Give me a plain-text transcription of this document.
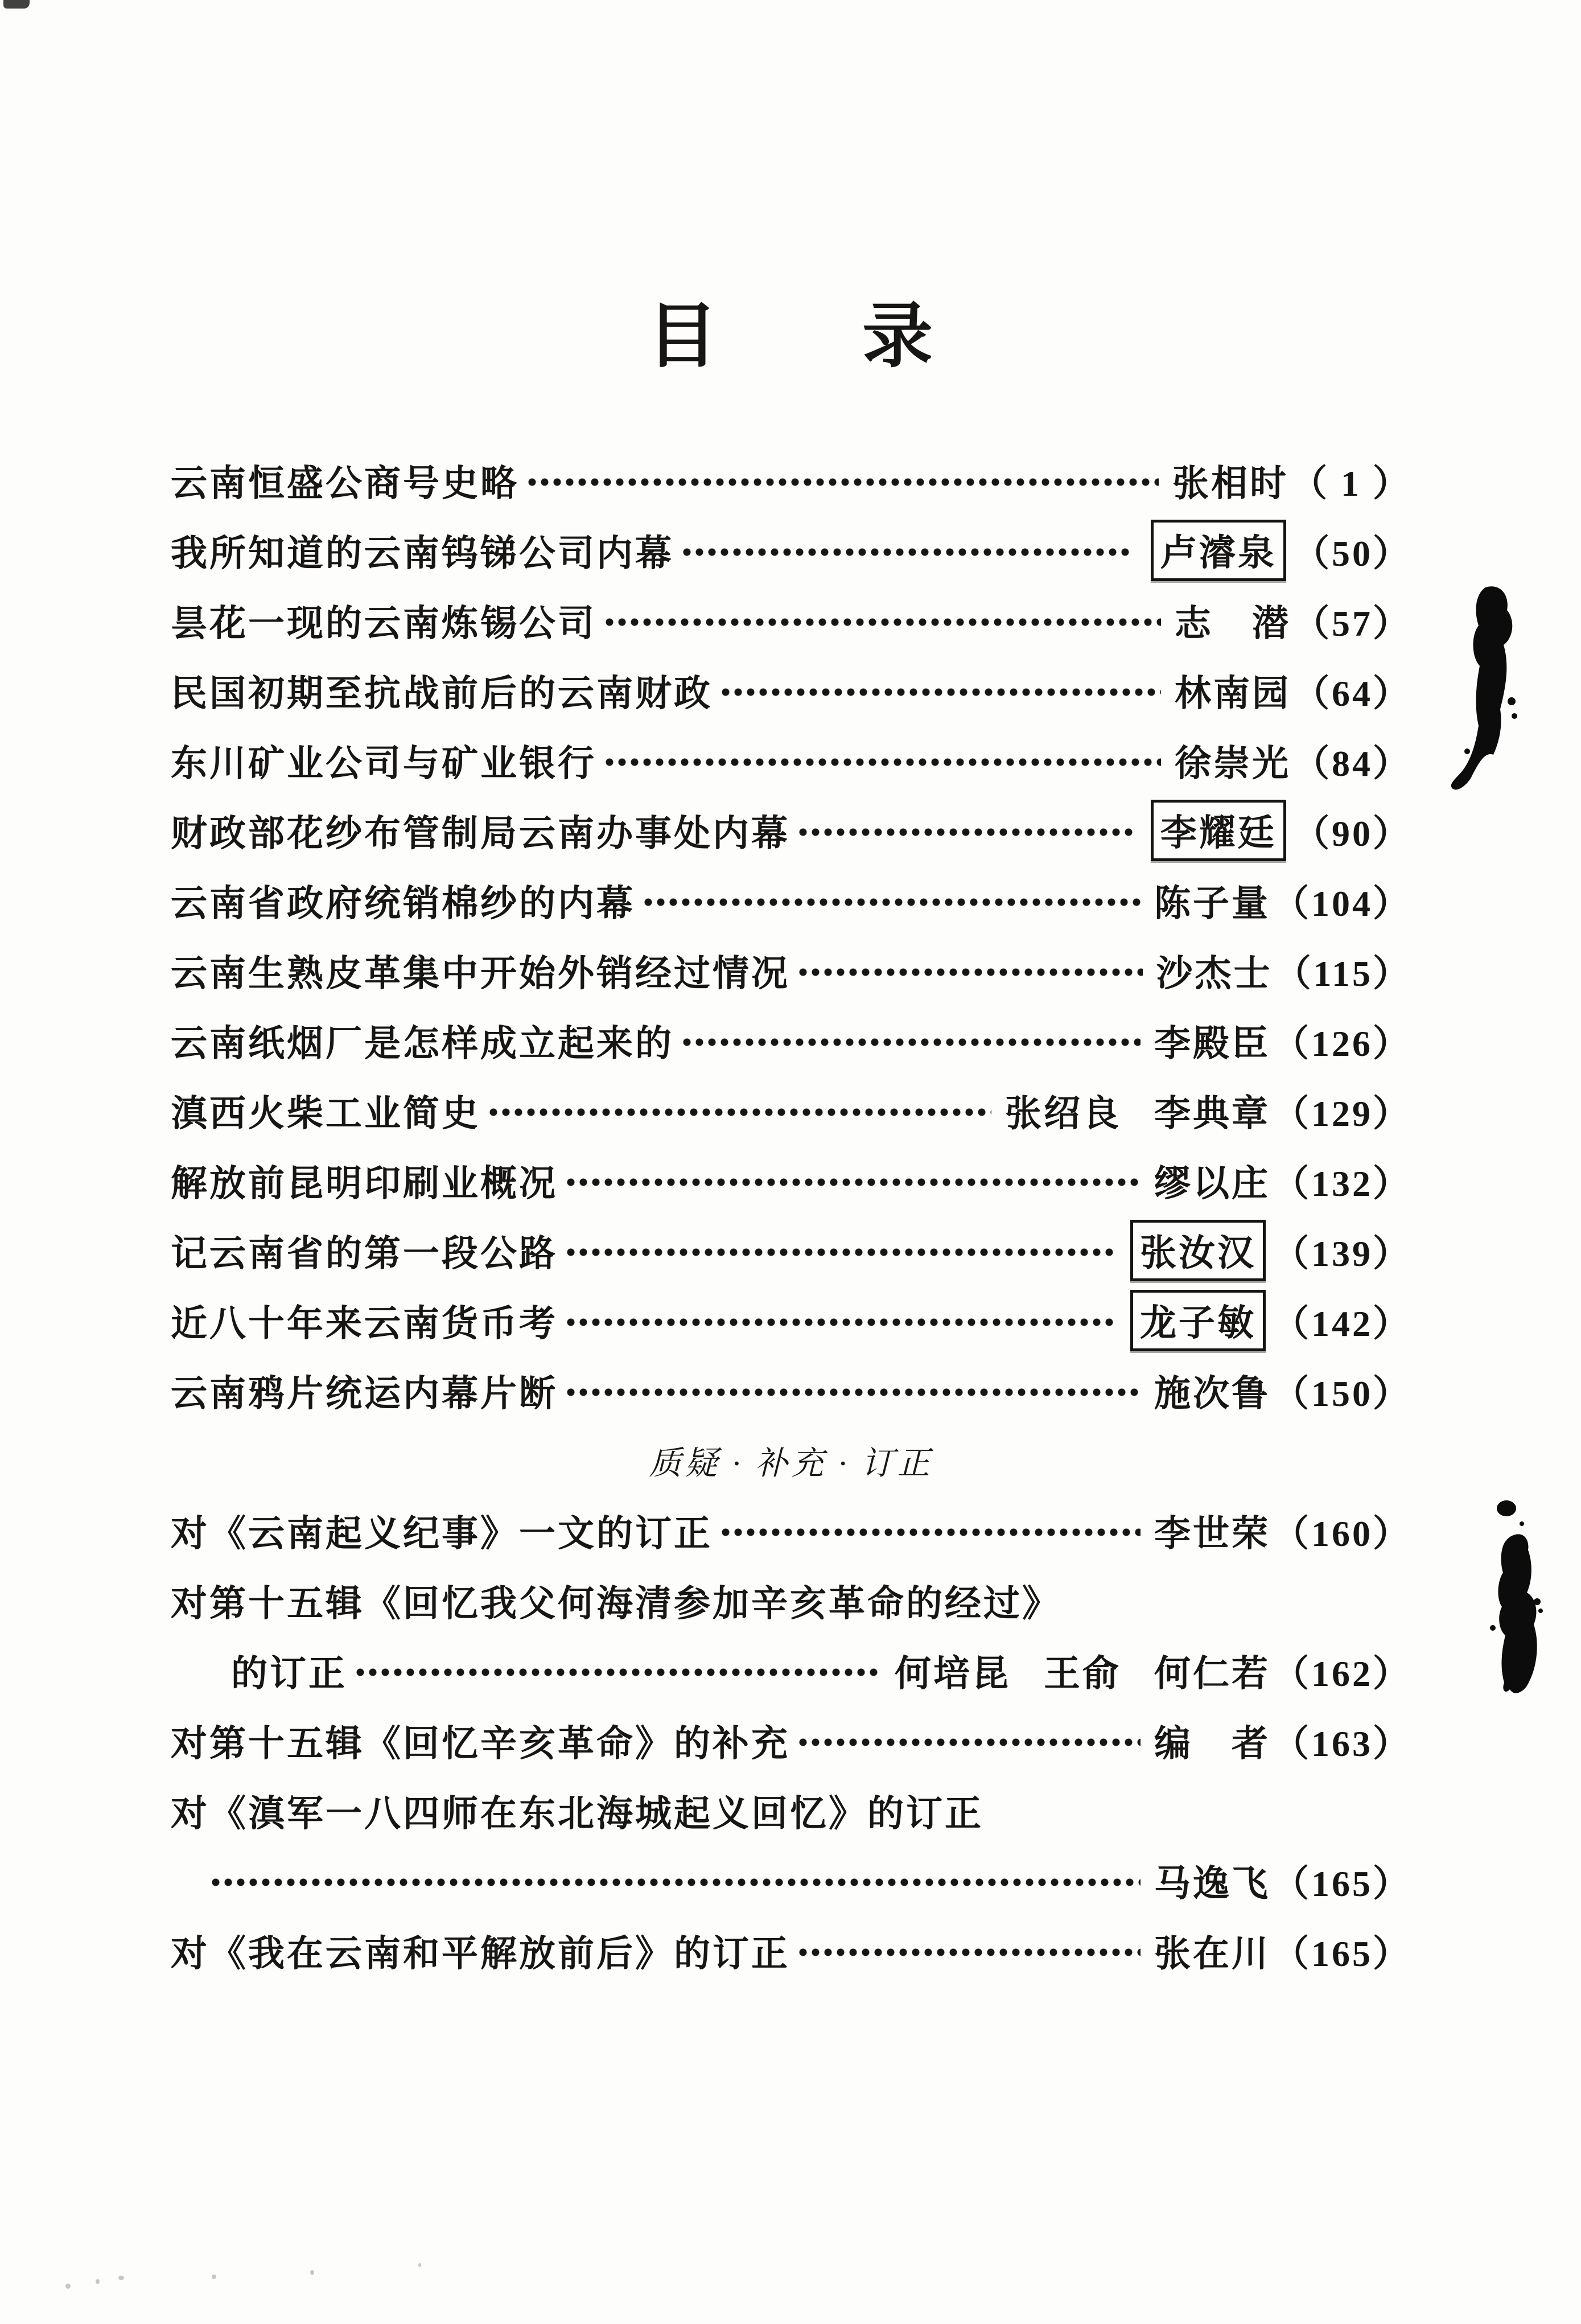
目　　录
云南恒盛公商号史略	张相时 （ 1 ）
我所知道的云南钨锑公司内幕	卢濬泉 （50）
昙花一现的云南炼锡公司	志　潜 （57）
民国初期至抗战前后的云南财政	林南园 （64）
东川矿业公司与矿业银行	徐崇光 （84）
财政部花纱布管制局云南办事处内幕	李耀廷 （90）
云南省政府统销棉纱的内幕	陈子量 （104）
云南生熟皮革集中开始外销经过情况	沙杰士 （115）
云南纸烟厂是怎样成立起来的	李殿臣 （126）
滇西火柴工业简史	张绍良 李典章 （129）
解放前昆明印刷业概况	缪以庄 （132）
记云南省的第一段公路	张汝汉 （139）
近八十年来云南货币考	龙子敏 （142）
云南鸦片统运内幕片断	施次鲁 （150）
质疑 · 补充 · 订正
对《云南起义纪事》一文的订正	李世荣 （160）
对第十五辑《回忆我父何海清参加辛亥革命的经过》
的订正	何培昆 王俞 何仁若 （162）
对第十五辑《回忆辛亥革命》的补充	编　者 （163）
对《滇军一八四师在东北海城起义回忆》的订正
马逸飞 （165）
对《我在云南和平解放前后》的订正	张在川 （165）
